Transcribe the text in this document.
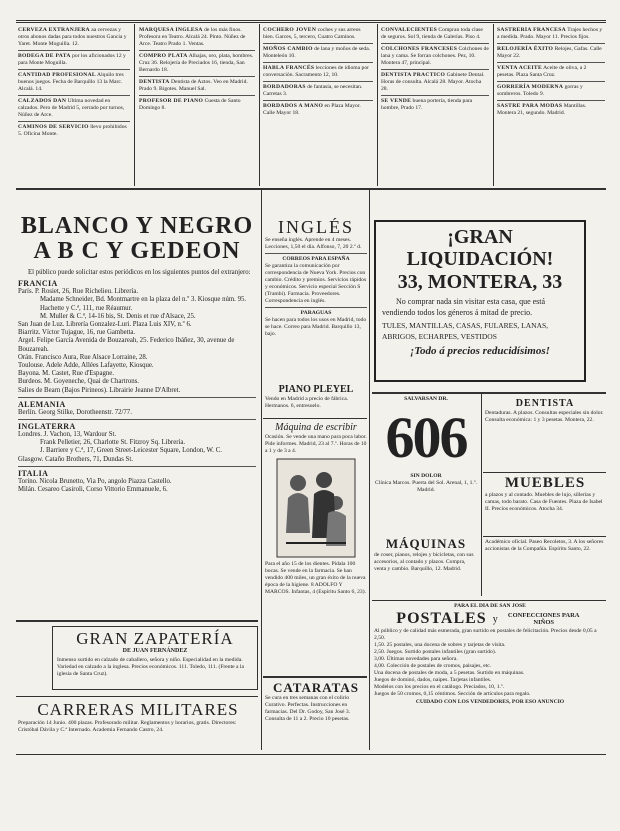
CERVEZA EXTRANJERA aa cervezas y otros abonos dadas para todos nuestros Gancia y Yaret. Monte Moguilla. 12.
BODEGA DE PATA por los aficionados 12 y para Monte Moguilla.
CANTIDAD PROFESIONAL Alquilo tres buenos juegos. Fecha de Barquillo 13 la Marc. Alcalá. 14.
CALZADOS DAN Ultima novedad en calzados. Pero de Madrid 5, cerrado por turnos, Núñez de Arce.
CAMINOS DE SERVICIO llevo prohibidos 5. Oficina Monte.
MARQUESA INGLESA de los más finos. Profesora en Teatro. Alcalá 24. Pinto. Núñez de Arce. Teatro Prado 1. Ventas.
COMPRO PLATA Alhajas, oro, plata, hombres. Cruz 36. Relojería de Preciados 16, tienda, San Bernardo 18.
DENTISTA Dentista de Aztos. Veo en Madrid. Prado 9. Bigotes. Manuel Sal.
PROFESOR DE PIANO Cuesta de Santo Domingo 8.
COCHERO JOVEN coches y sus arreos bien. Garces, 5, tercero, Cuatro Caminos.
MOÑOS CAMBIO de lana y moños de seda. Monteleón 10.
HABLA FRANCÉS lecciones de idioma por conversación. Sacramento 12, 10.
BORDADORAS de fantasía, se necesitan. Carretas 3.
BORDADOS A MANO en Plaza Mayor. Calle Mayor 18.
CONVALECIENTES Compran toda clase de seguros. Sol 9, tienda de Galerías. Piso 4.
COLCHONES FRANCESES Colchones de lana y cama. Se forran colchones. Pez, 10. Montera 47, principal.
DENTISTA PRACTICO Gabinete Dental. Horas de consulta. Alcalá 28. Mayor. Atocha 28.
SE VENDE buena portería, tienda para hombre, Prado 17.
SASTRERÍA FRANCESA Trajes hechos y a medida. Prado. Mayor 11. Precios fijos.
RELOJERÍA ÉXITO Relojes, Gafas. Calle Mayor 22.
VENTA ACEITE Aceite de oliva, a 2 pesetas. Plaza Santa Cruz.
GORRERÍA MODERNA gorras y sombreros. Toledo 9.
SASTRE PARA MODAS Mantillas. Montera 21, segundo. Madrid.
BLANCO Y NEGRO
A B C Y GEDEON
El público puede solicitar estos periódicos en los siguientes puntos del extranjero:
FRANCIA
París. P. Rosiet, 26, Rue Richelieu. Librería.
Madame Schneider, Bd. Montmartre en la plaza del n.º 3. Kiosque núm. 95.
Hachette y C.ª, 111, rue Réaumur.
M. Muller & C.ª, 14-16 bis, St. Denis et rue d'Alsace, 25.
San Juan de Luz. Librería Gonzalez-Luri. Plaza Luis XIV, n.º 6.
Biarritz. Víctor Tujague, 16, rue Gambetta.
Argel. Felipe García Avenida de Bouzareah, 25. Federico Ibáñez, 30, avenue de Bouzareah.
Orán. Francisco Aura, Rue Alsace Lorraine, 28.
Toulouse. Adele Adde, Allées Lafayette, Kiosque.
Bayona. M. Castet, Rue d'Espagne.
Burdeos. M. Goyeneche, Quai de Chartrons.
Salies de Bearn (Bajos Pirineos). Librairie Jeanne D'Albret.
ALEMANIA
Berlín. Georg Stilke, Dorotheenstr. 72/77.
INGLATERRA
Londres. J. Vachon, 13, Wardour St.
Frank Pelletier, 26, Charlotte St. Fitzroy Sq. Librería.
J. Barriere y C.ª, 17, Green Street-Leicester Square, London, W. C.
Glasgow. Cataño Brothers, 71, Dundas St.
ITALIA
Torino. Nicola Brunetto, Via Po, angolo Piazza Castello.
Milán. Cesareo Casiroli, Corso Vittorio Emmanuele, 6.
GRAN ZAPATERÍA
DE JUAN FERNÁNDEZ
Inmenso surtido en calzado de caballero, señora y niño. Especialidad en la medida. Variedad en calzado a la inglesa. Precios económicos. 111. Toledo, 111. (Frente a la iglesia de Santa Cruz).
CARRERAS MILITARES
Preparación 14 Junio. 400 plazas. Profesorado militar. Reglamentos y horarios, gratis. Directores: Cristóbal Dávila y C.ª Internado. Academia Fernando Castro, 24.
INGLÉS
Se enseña inglés. Aprende en 4 meses. Lecciones, 1,50 el día. Alfonso, 7, 20 2.º d.
CORREOS PARA ESPAÑA
Se garantiza la comunicación por correspondencia de Nueva York. Precios con cambio. Crédito y premios. Servicios rápidos y económicos. Servicio especial Sección S (Trambi). Farmacia. Proveedores. Correspondencia en inglés.
PARAGUAS
Se hacen para todos los usos en Madrid, todo se hace. Correo para Madrid. Barquillo 13, bajo.
PIANO PLEYEL
Vendo en Madrid a precio de fábrica. Hermanos. 6, entresuelo.
Máquina de escribir
Ocasión. Se vende una mano para poca labor. Pide informes. Madrid, 23 al 7.º. Horas de 10 a 1 y de 3 a 4.
Para el año 15 de los dientes. Pídala 100 bocas. Se vende en la farmacia. Se han vendido 400 miles, un gran éxito de la nueva época de la higiene. 8 ADOLFO Y MARCOS. Infantas, 4 (Espíritu Santo 6, 23).
CATARATAS
Se cura en tres semanas con el colirio Curativo. Perfectas. Instrucciones en farmacias. Del Dr. Godoy, San José 3. Consulta de 11 a 2. Precio 10 pesetas.
¡GRAN LIQUIDACIÓN!
33, MONTERA, 33
No comprar nada sin visitar esta casa, que está vendiendo todos los géneros á mitad de precio.
TULES, MANTILLAS, CASAS, FULARES, LANAS, ABRIGOS, ECHARPES, VESTIDOS
¡Todo á precios reducidísimos!
SALVARSÁN DR.
606
SIN DOLOR
Clínica Marcos. Puerta del Sol. Arenal, 1, 1.º. Madrid.
MÁQUINAS
de coser, pianos, relojes y bicicletas, con sus accesorios, al contado y plazos. Compra, venta y cambio. Barquillo, 12. Madrid.
DENTISTA
Dentaduras. A plazos. Consultas especiales sin dolor. Consulta económica: 1 y 3 pesetas. Montera, 22.
MUEBLES
a plazos y al contado. Muebles de lujo, sillerías y camas, todo barato. Casa de Fuentes. Plaza de Isabel II. Precios económicos. Atocha 34.
Académico oficial. Paseo Recoletos, 3. A los señores accionistas de la Compañía. Espíritu Santo, 22.
PARA EL DÍA DE SAN JOSÉ
POSTALES y	CONFECCIONES PARA NIÑOS
Al público y de calidad más esmerada, gran surtido en postales de felicitación. Precios desde 0,05 a 2,50.
1,50. 25 postales, una docena de sobres y tarjetas de visita.
2,50. Juegos. Surtido postales infantiles (gran surtido).
3,00. Últimas novedades para señora.
4,00. Colección de postales de cromos, paisajes, etc.
Una docena de postales de moda, a 5 pesetas. Surtido en máquinas.
Juegos de dominó, dados, naipes. Tarjetas infantiles.
Modelos con los precios en el catálogo. Preciados, 10, 1.º.
Juegos de 50 cromos, 0,15 céntimos. Sección de artículos para regalo.
CUIDADO CON LOS VENDEDORES, POR ESO ANUNCIO
